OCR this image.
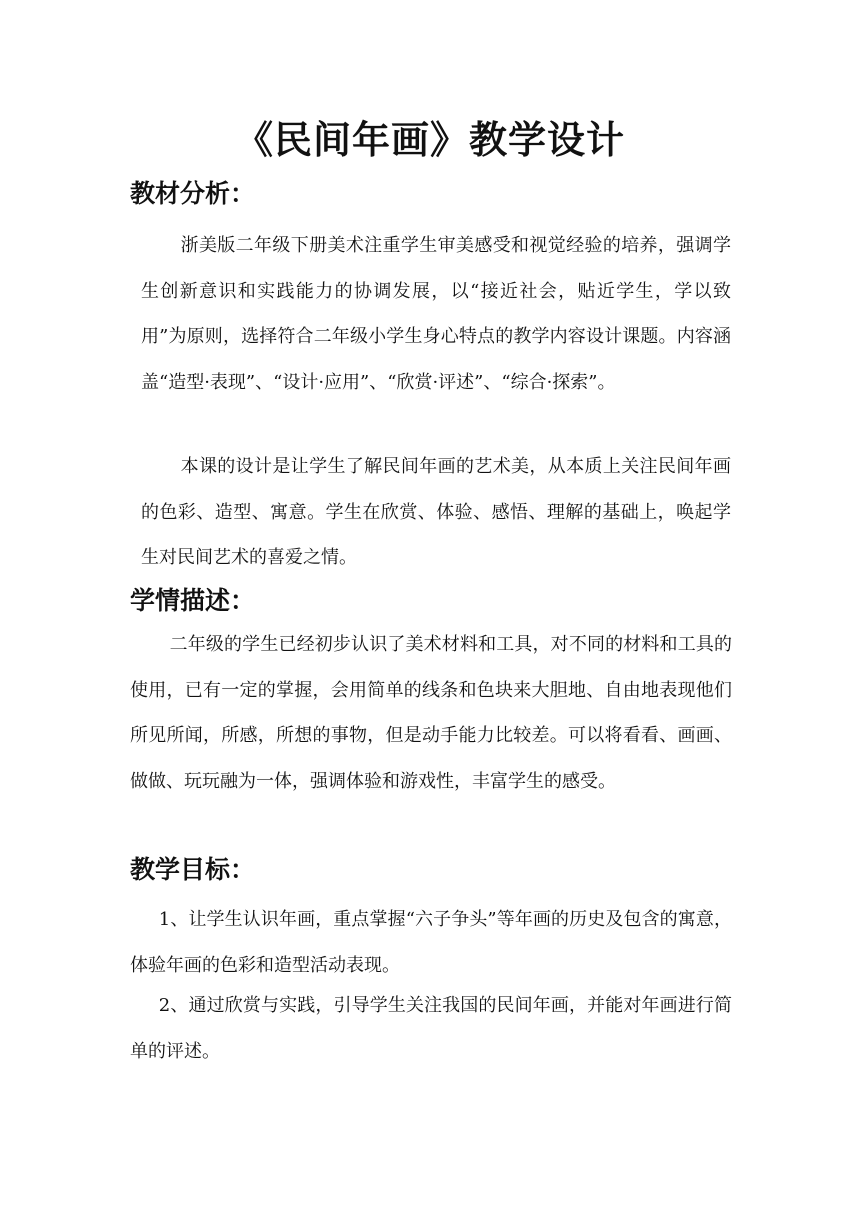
《民间年画》教学设计
教材分析：

浙美版二年级下册美术注重学生审美感受和视觉经验的培养，强调学生创新意识和实践能力的协调发展，以“接近社会，贴近学生，学以致用”为原则，选择符合二年级小学生身心特点的教学内容设计课题。内容涵盖“造型·表现”、“设计·应用”、“欣赏·评述”、“综合·探索”。

本课的设计是让学生了解民间年画的艺术美，从本质上关注民间年画的色彩、造型、寓意。学生在欣赏、体验、感悟、理解的基础上，唤起学生对民间艺术的喜爱之情。

学情描述：

二年级的学生已经初步认识了美术材料和工具，对不同的材料和工具的使用，已有一定的掌握，会用简单的线条和色块来大胆地、自由地表现他们所见所闻，所感，所想的事物，但是动手能力比较差。可以将看看、画画、做做、玩玩融为一体，强调体验和游戏性，丰富学生的感受。

教学目标：

1、让学生认识年画，重点掌握“六子争头”等年画的历史及包含的寓意，体验年画的色彩和造型活动表现。

2、通过欣赏与实践，引导学生关注我国的民间年画，并能对年画进行简单的评述。
